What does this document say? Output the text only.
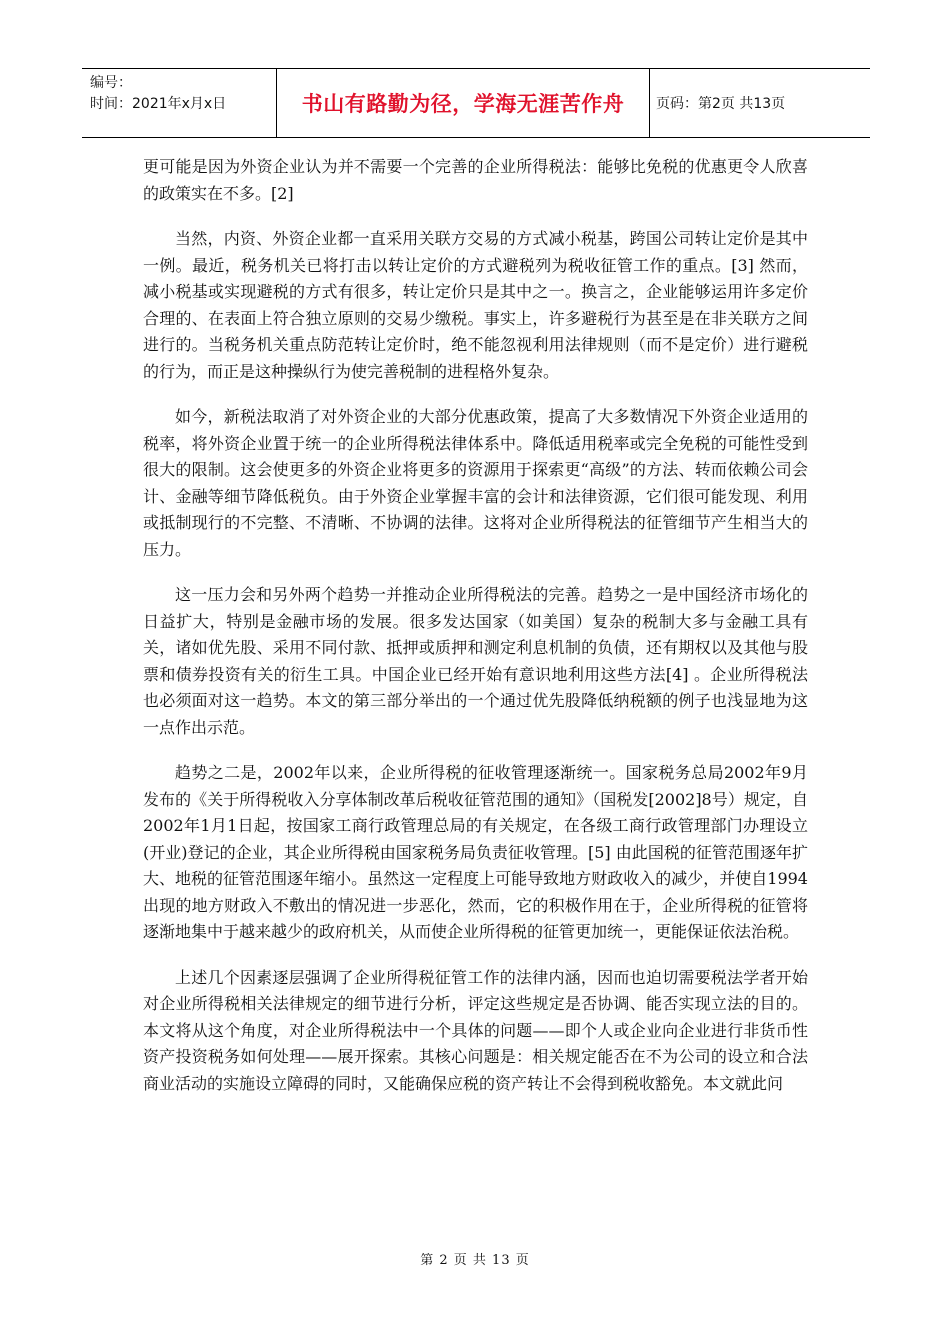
编号：
时间：2021年x月x日	书山有路勤为径，学海无涯苦作舟	页码：第2页 共13页

更可能是因为外资企业认为并不需要一个完善的企业所得税法：能够比免税的优惠更令人欣喜的政策实在不多。[2]

当然，内资、外资企业都一直采用关联方交易的方式减小税基，跨国公司转让定价是其中一例。最近，税务机关已将打击以转让定价的方式避税列为税收征管工作的重点。[3] 然而，减小税基或实现避税的方式有很多，转让定价只是其中之一。换言之，企业能够运用许多定价合理的、在表面上符合独立原则的交易少缴税。事实上，许多避税行为甚至是在非关联方之间进行的。当税务机关重点防范转让定价时，绝不能忽视利用法律规则（而不是定价）进行避税的行为，而正是这种操纵行为使完善税制的进程格外复杂。

如今，新税法取消了对外资企业的大部分优惠政策，提高了大多数情况下外资企业适用的税率，将外资企业置于统一的企业所得税法律体系中。降低适用税率或完全免税的可能性受到很大的限制。这会使更多的外资企业将更多的资源用于探索更“高级”的方法、转而依赖公司会计、金融等细节降低税负。由于外资企业掌握丰富的会计和法律资源，它们很可能发现、利用或抵制现行的不完整、不清晰、不协调的法律。这将对企业所得税法的征管细节产生相当大的压力。

这一压力会和另外两个趋势一并推动企业所得税法的完善。趋势之一是中国经济市场化的日益扩大，特别是金融市场的发展。很多发达国家（如美国）复杂的税制大多与金融工具有关，诸如优先股、采用不同付款、抵押或质押和测定利息机制的负债，还有期权以及其他与股票和债券投资有关的衍生工具。中国企业已经开始有意识地利用这些方法[4] 。企业所得税法也必须面对这一趋势。本文的第三部分举出的一个通过优先股降低纳税额的例子也浅显地为这一点作出示范。

趋势之二是，2002年以来，企业所得税的征收管理逐渐统一。国家税务总局2002年9月发布的《关于所得税收入分享体制改革后税收征管范围的通知》（国税发[2002]8号）规定，自2002年1月1日起，按国家工商行政管理总局的有关规定，在各级工商行政管理部门办理设立(开业)登记的企业，其企业所得税由国家税务局负责征收管理。[5] 由此国税的征管范围逐年扩大、地税的征管范围逐年缩小。虽然这一定程度上可能导致地方财政收入的减少，并使自1994出现的地方财政入不敷出的情况进一步恶化，然而，它的积极作用在于，企业所得税的征管将逐渐地集中于越来越少的政府机关，从而使企业所得税的征管更加统一，更能保证依法治税。

上述几个因素逐层强调了企业所得税征管工作的法律内涵，因而也迫切需要税法学者开始对企业所得税相关法律规定的细节进行分析，评定这些规定是否协调、能否实现立法的目的。本文将从这个角度，对企业所得税法中一个具体的问题——即个人或企业向企业进行非货币性资产投资税务如何处理——展开探索。其核心问题是：相关规定能否在不为公司的设立和合法商业活动的实施设立障碍的同时，又能确保应税的资产转让不会得到税收豁免。本文就此问

第 2 页 共 13 页
